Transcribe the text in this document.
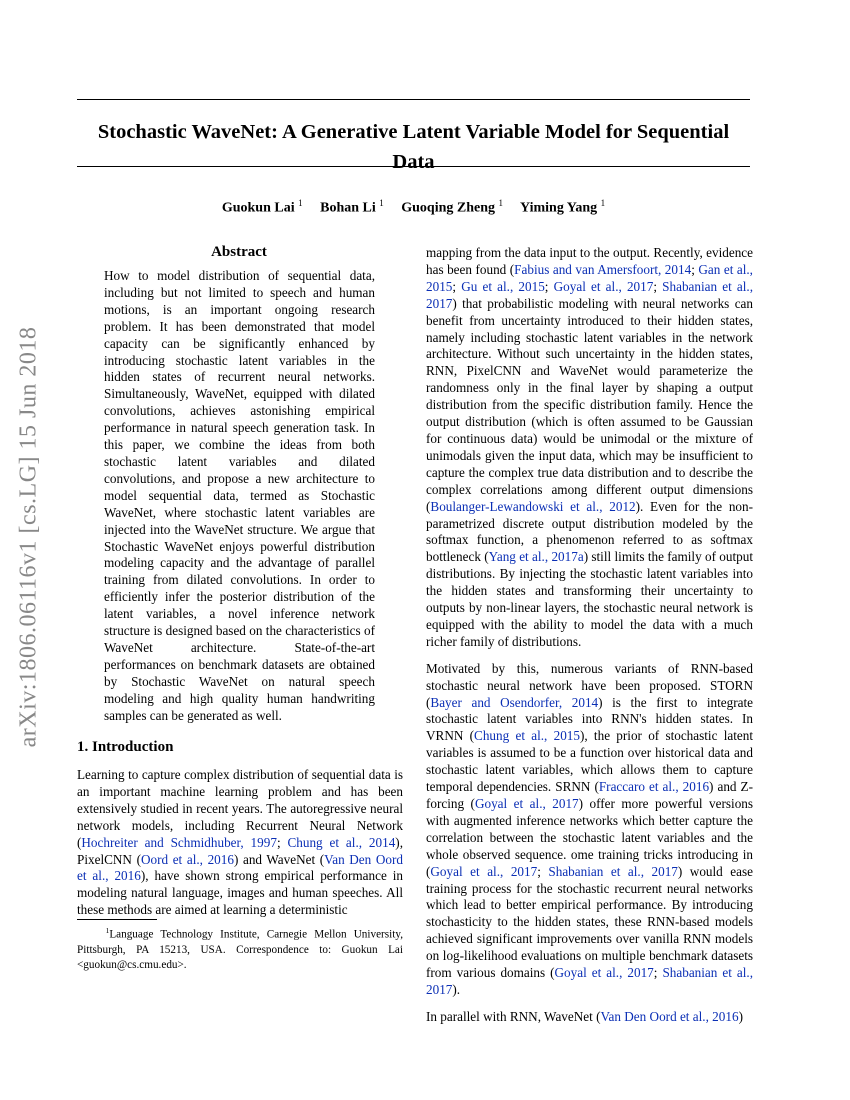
arXiv:1806.06116v1 [cs.LG] 15 Jun 2018
Stochastic WaveNet: A Generative Latent Variable Model for Sequential Data
Guokun Lai $^1$ Bohan Li $^1$ Guoqing Zheng $^1$ Yiming Yang $^1$
Abstract

How to model distribution of sequential data, including but not limited to speech and human motions, is an important ongoing research problem. It has been demonstrated that model capacity can be significantly enhanced by introducing stochastic latent variables in the hidden states of recurrent neural networks. Simultaneously, WaveNet, equipped with dilated convolutions, achieves astonishing empirical performance in natural speech generation task. In this paper, we combine the ideas from both stochastic latent variables and dilated convolutions, and propose a new architecture to model sequential data, termed as Stochastic WaveNet, where stochastic latent variables are injected into the WaveNet structure. We argue that Stochastic WaveNet enjoys powerful distribution modeling capacity and the advantage of parallel training from dilated convolutions. In order to efficiently infer the posterior distribution of the latent variables, a novel inference network structure is designed based on the characteristics of WaveNet architecture. State-of-the-art performances on benchmark datasets are obtained by Stochastic WaveNet on natural speech modeling and high quality human handwriting samples can be generated as well.

1. Introduction

Learning to capture complex distribution of sequential data is an important machine learning problem and has been extensively studied in recent years. The autoregressive neural network models, including Recurrent Neural Network (Hochreiter and Schmidhuber, 1997; Chung et al., 2014), PixelCNN (Oord et al., 2016) and WaveNet (Van Den Oord et al., 2016), have shown strong empirical performance in modeling natural language, images and human speeches. All these methods are aimed at learning a deterministic

$^1$Language Technology Institute, Carnegie Mellon University, Pittsburgh, PA 15213, USA. Correspondence to: Guokun Lai <guokun@cs.cmu.edu>.

mapping from the data input to the output. Recently, evidence has been found (Fabius and van Amersfoort, 2014; Gan et al., 2015; Gu et al., 2015; Goyal et al., 2017; Shabanian et al., 2017) that probabilistic modeling with neural networks can benefit from uncertainty introduced to their hidden states, namely including stochastic latent variables in the network architecture. Without such uncertainty in the hidden states, RNN, PixelCNN and WaveNet would parameterize the randomness only in the final layer by shaping a output distribution from the specific distribution family. Hence the output distribution (which is often assumed to be Gaussian for continuous data) would be unimodal or the mixture of unimodals given the input data, which may be insufficient to capture the complex true data distribution and to describe the complex correlations among different output dimensions (Boulanger-Lewandowski et al., 2012). Even for the non-parametrized discrete output distribution modeled by the softmax function, a phenomenon referred to as softmax bottleneck (Yang et al., 2017a) still limits the family of output distributions. By injecting the stochastic latent variables into the hidden states and transforming their uncertainty to outputs by non-linear layers, the stochastic neural network is equipped with the ability to model the data with a much richer family of distributions.

Motivated by this, numerous variants of RNN-based stochastic neural network have been proposed. STORN (Bayer and Osendorfer, 2014) is the first to integrate stochastic latent variables into RNN's hidden states. In VRNN (Chung et al., 2015), the prior of stochastic latent variables is assumed to be a function over historical data and stochastic latent variables, which allows them to capture temporal dependencies. SRNN (Fraccaro et al., 2016) and Z-forcing (Goyal et al., 2017) offer more powerful versions with augmented inference networks which better capture the correlation between the stochastic latent variables and the whole observed sequence. ome training tricks introducing in (Goyal et al., 2017; Shabanian et al., 2017) would ease training process for the stochastic recurrent neural networks which lead to better empirical performance. By introducing stochasticity to the hidden states, these RNN-based models achieved significant improvements over vanilla RNN models on log-likelihood evaluations on multiple benchmark datasets from various domains (Goyal et al., 2017; Shabanian et al., 2017).

In parallel with RNN, WaveNet (Van Den Oord et al., 2016)
